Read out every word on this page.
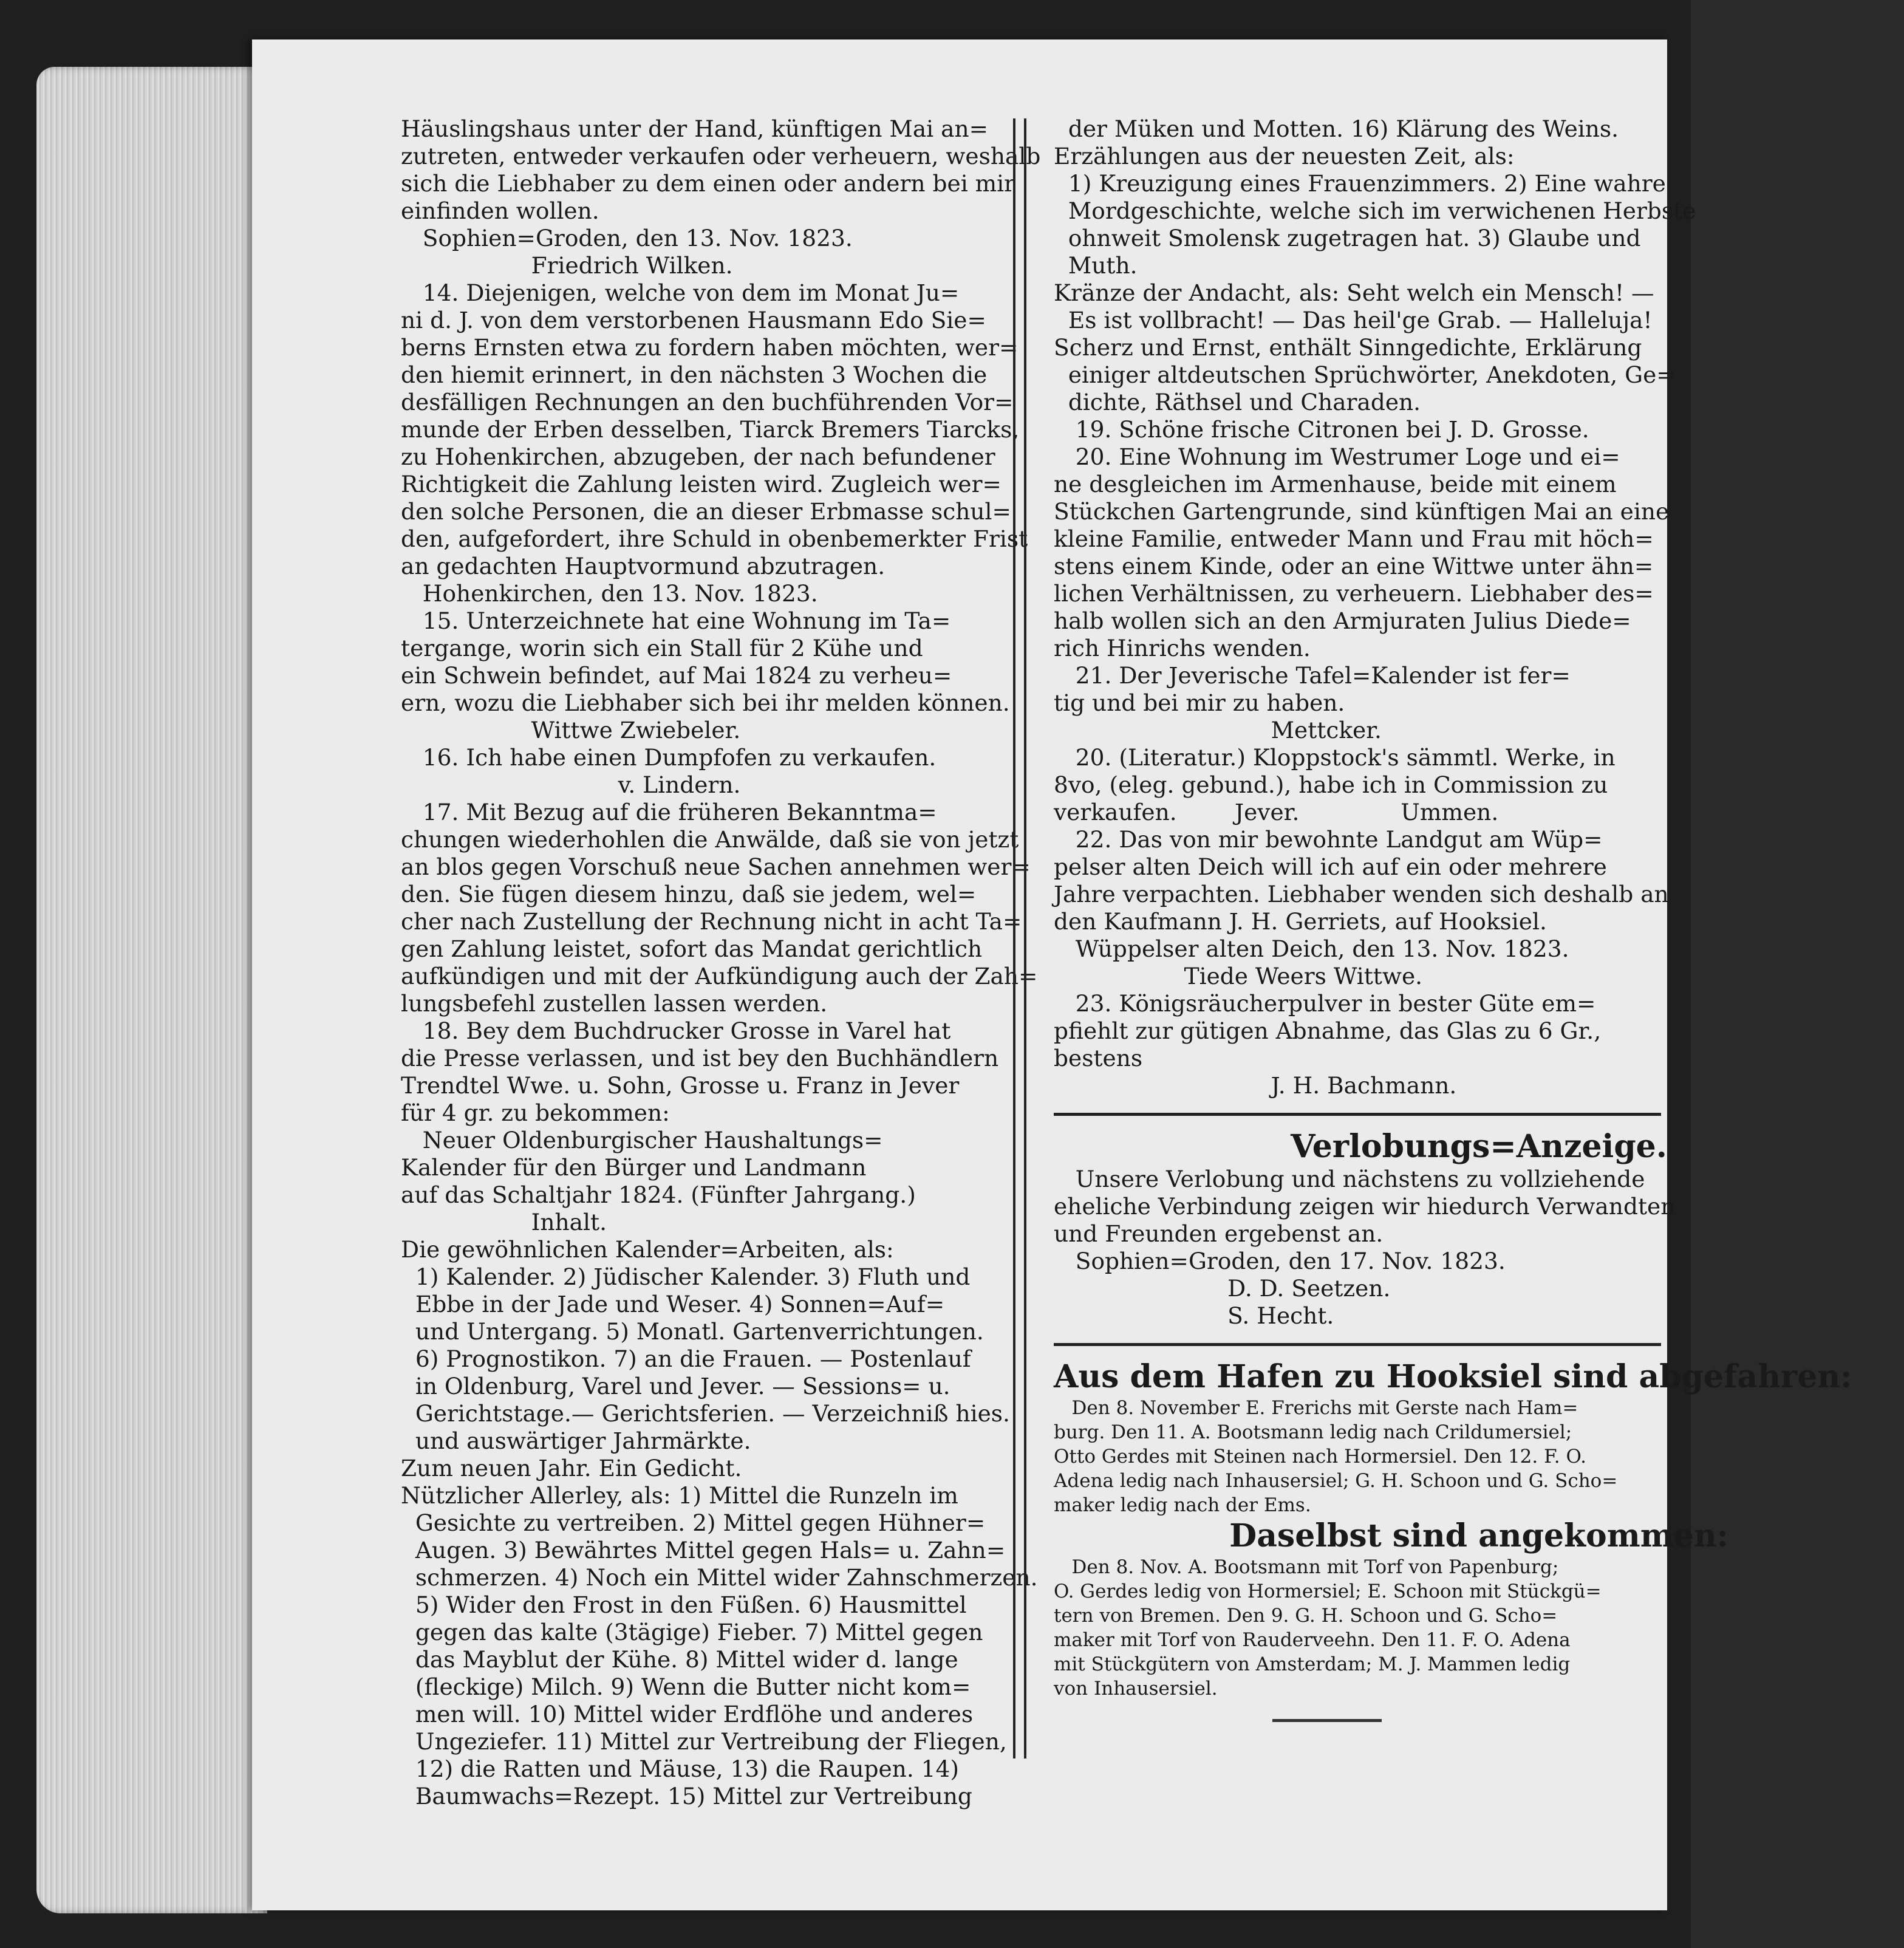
Häuslingshaus unter der Hand, künftigen Mai an=

zutreten, entweder verkaufen oder verheuern, weshalb

sich die Liebhaber zu dem einen oder andern bei mir

einfinden wollen.

Sophien=Groden, den 13. Nov. 1823.

Friedrich Wilken.

14. Diejenigen, welche von dem im Monat Ju=

ni d. J. von dem verstorbenen Hausmann Edo Sie=

berns Ernsten etwa zu fordern haben möchten, wer=

den hiemit erinnert, in den nächsten 3 Wochen die

desfälligen Rechnungen an den buchführenden Vor=

munde der Erben desselben, Tiarck Bremers Tiarcks,

zu Hohenkirchen, abzugeben, der nach befundener

Richtigkeit die Zahlung leisten wird. Zugleich wer=

den solche Personen, die an dieser Erbmasse schul=

den, aufgefordert, ihre Schuld in obenbemerkter Frist

an gedachten Hauptvormund abzutragen.

Hohenkirchen, den 13. Nov. 1823.

15. Unterzeichnete hat eine Wohnung im Ta=

tergange, worin sich ein Stall für 2 Kühe und

ein Schwein befindet, auf Mai 1824 zu verheu=

ern, wozu die Liebhaber sich bei ihr melden können.

Wittwe Zwiebeler.

16. Ich habe einen Dumpfofen zu verkaufen.

v. Lindern.

17. Mit Bezug auf die früheren Bekanntma=

chungen wiederhohlen die Anwälde, daß sie von jetzt

an blos gegen Vorschuß neue Sachen annehmen wer=

den. Sie fügen diesem hinzu, daß sie jedem, wel=

cher nach Zustellung der Rechnung nicht in acht Ta=

gen Zahlung leistet, sofort das Mandat gerichtlich

aufkündigen und mit der Aufkündigung auch der Zah=

lungsbefehl zustellen lassen werden.

18. Bey dem Buchdrucker Grosse in Varel hat

die Presse verlassen, und ist bey den Buchhändlern

Trendtel Wwe. u. Sohn, Grosse u. Franz in Jever

für 4 gr. zu bekommen:

Neuer Oldenburgischer Haushaltungs=

Kalender für den Bürger und Landmann

auf das Schaltjahr 1824. (Fünfter Jahrgang.)

Inhalt.

Die gewöhnlichen Kalender=Arbeiten, als:

1) Kalender. 2) Jüdischer Kalender. 3) Fluth und

Ebbe in der Jade und Weser. 4) Sonnen=Auf=

und Untergang. 5) Monatl. Gartenverrichtungen.

6) Prognostikon. 7) an die Frauen. — Postenlauf

in Oldenburg, Varel und Jever. — Sessions= u.

Gerichtstage.— Gerichtsferien. — Verzeichniß hies.

und auswärtiger Jahrmärkte.

Zum neuen Jahr. Ein Gedicht.

Nützlicher Allerley, als: 1) Mittel die Runzeln im

Gesichte zu vertreiben. 2) Mittel gegen Hühner=

Augen. 3) Bewährtes Mittel gegen Hals= u. Zahn=

schmerzen. 4) Noch ein Mittel wider Zahnschmerzen.

5) Wider den Frost in den Füßen. 6) Hausmittel

gegen das kalte (3tägige) Fieber. 7) Mittel gegen

das Mayblut der Kühe. 8) Mittel wider d. lange

(fleckige) Milch. 9) Wenn die Butter nicht kom=

men will. 10) Mittel wider Erdflöhe und anderes

Ungeziefer. 11) Mittel zur Vertreibung der Fliegen,

12) die Ratten und Mäuse, 13) die Raupen. 14)

Baumwachs=Rezept. 15) Mittel zur Vertreibung

der Müken und Motten. 16) Klärung des Weins.

Erzählungen aus der neuesten Zeit, als:

1) Kreuzigung eines Frauenzimmers. 2) Eine wahre

Mordgeschichte, welche sich im verwichenen Herbste

ohnweit Smolensk zugetragen hat. 3) Glaube und

Muth.

Kränze der Andacht, als: Seht welch ein Mensch! —

Es ist vollbracht! — Das heil'ge Grab. — Halleluja!

Scherz und Ernst, enthält Sinngedichte, Erklärung

einiger altdeutschen Sprüchwörter, Anekdoten, Ge=

dichte, Räthsel und Charaden.

19. Schöne frische Citronen bei J. D. Grosse.

20. Eine Wohnung im Westrumer Loge und ei=

ne desgleichen im Armenhause, beide mit einem

Stückchen Gartengrunde, sind künftigen Mai an eine

kleine Familie, entweder Mann und Frau mit höch=

stens einem Kinde, oder an eine Wittwe unter ähn=

lichen Verhältnissen, zu verheuern. Liebhaber des=

halb wollen sich an den Armjuraten Julius Diede=

rich Hinrichs wenden.

21. Der Jeverische Tafel=Kalender ist fer=

tig und bei mir zu haben.

Mettcker.

20. (Literatur.) Kloppstock's sämmtl. Werke, in

8vo, (eleg. gebund.), habe ich in Commission zu

verkaufen.        Jever.              Ummen.

22. Das von mir bewohnte Landgut am Wüp=

pelser alten Deich will ich auf ein oder mehrere

Jahre verpachten. Liebhaber wenden sich deshalb an

den Kaufmann J. H. Gerriets, auf Hooksiel.

Wüppelser alten Deich, den 13. Nov. 1823.

Tiede Weers Wittwe.

23. Königsräucherpulver in bester Güte em=

pfiehlt zur gütigen Abnahme, das Glas zu 6 Gr.,

bestens

J. H. Bachmann.

Verlobungs=Anzeige.

Unsere Verlobung und nächstens zu vollziehende

eheliche Verbindung zeigen wir hiedurch Verwandten

und Freunden ergebenst an.

Sophien=Groden, den 17. Nov. 1823.

D. D. Seetzen.

S. Hecht.

Aus dem Hafen zu Hooksiel sind abgefahren:

Den 8. November E. Frerichs mit Gerste nach Ham=

burg. Den 11. A. Bootsmann ledig nach Crildumersiel;

Otto Gerdes mit Steinen nach Hormersiel. Den 12. F. O.

Adena ledig nach Inhausersiel; G. H. Schoon und G. Scho=

maker ledig nach der Ems.

Daselbst sind angekommen:

Den 8. Nov. A. Bootsmann mit Torf von Papenburg;

O. Gerdes ledig von Hormersiel; E. Schoon mit Stückgü=

tern von Bremen. Den 9. G. H. Schoon und G. Scho=

maker mit Torf von Rauderveehn. Den 11. F. O. Adena

mit Stückgütern von Amsterdam; M. J. Mammen ledig

von Inhausersiel.
